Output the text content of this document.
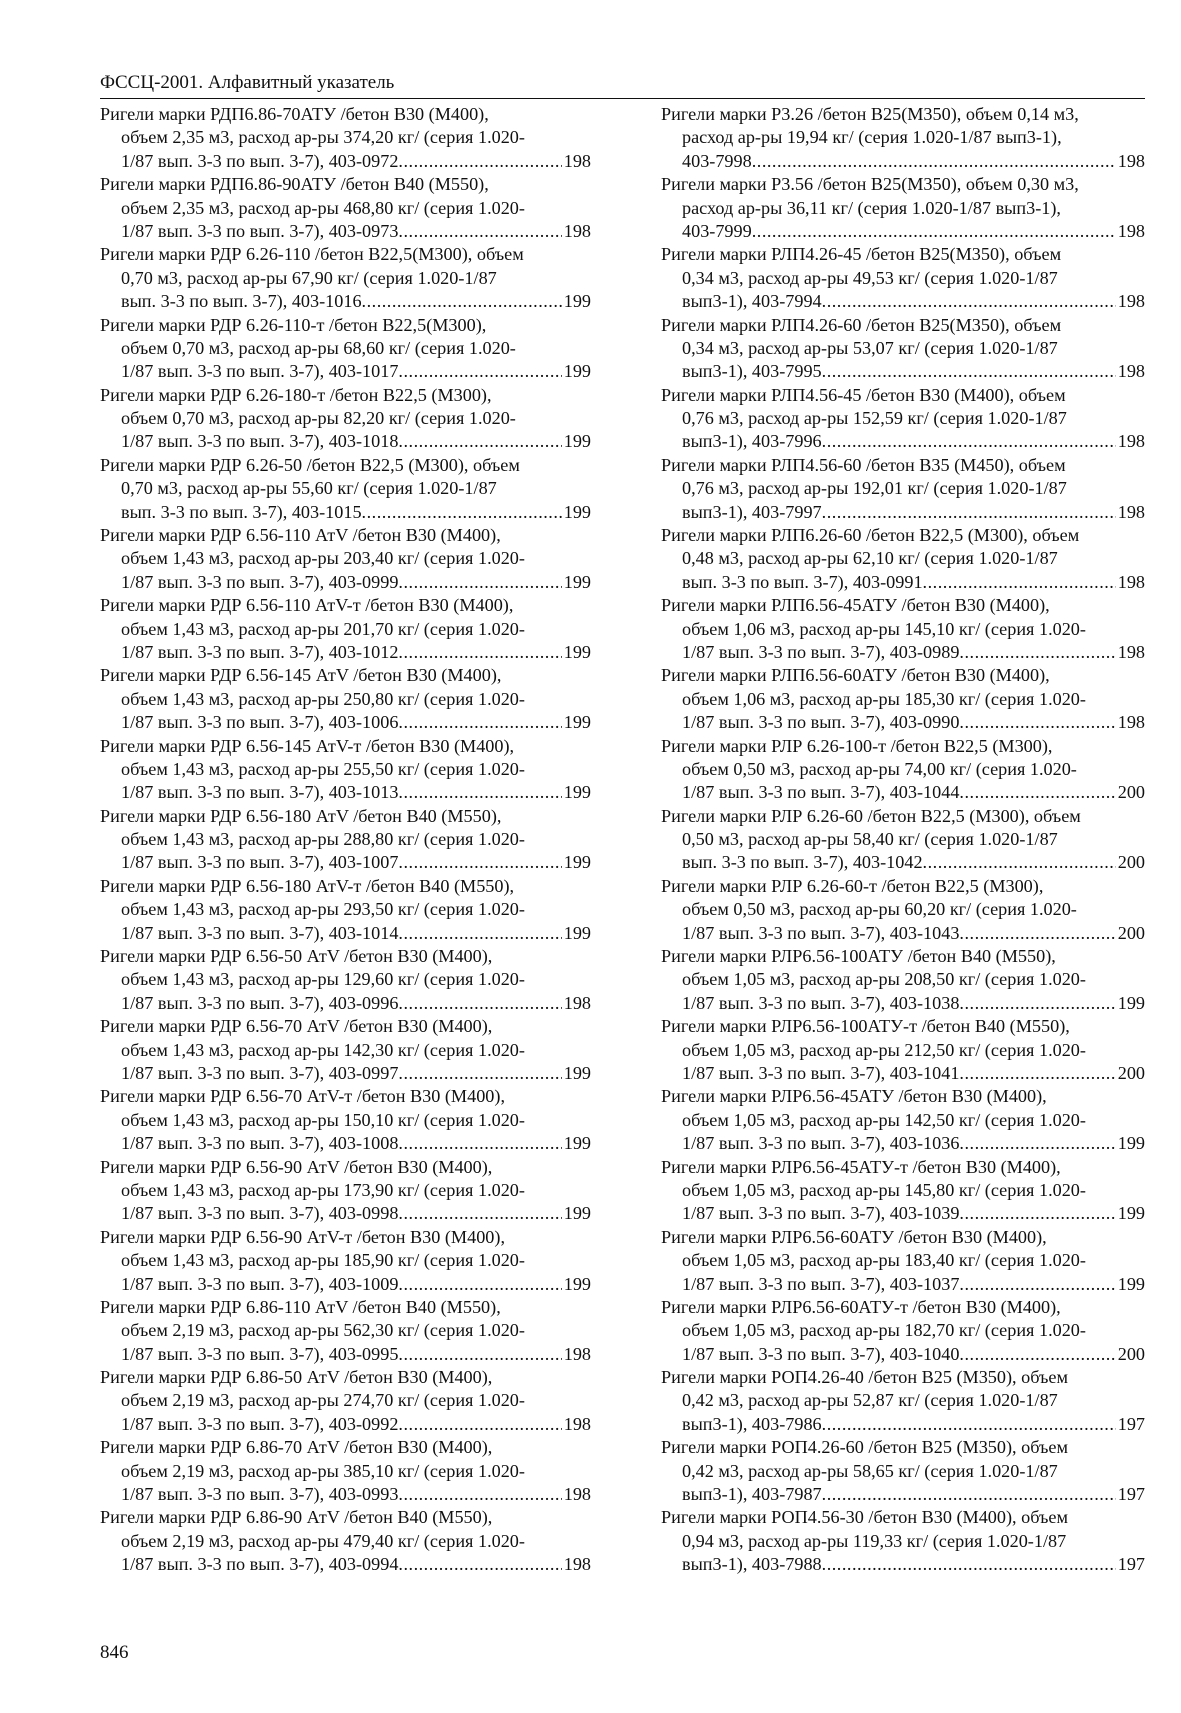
ФССЦ-2001. Алфавитный указатель
Ригели марки РДП6.86-70АТУ /бетон В30 (М400),
объем 2,35 м3, расход ар-ры 374,20 кг/ (серия 1.020-
1/87 вып. 3-3 по вып. 3-7), 403-0972 .....	198
Ригели марки РДП6.86-90АТУ /бетон В40 (М550),
объем 2,35 м3, расход ар-ры 468,80 кг/ (серия 1.020-
1/87 вып. 3-3 по вып. 3-7), 403-0973 .....	198
Ригели марки РДР 6.26-110 /бетон В22,5(М300), объем
0,70 м3, расход ар-ры 67,90 кг/ (серия 1.020-1/87
вып. 3-3 по вып. 3-7), 403-1016 .....	199
Ригели марки РДР 6.26-110-т /бетон В22,5(М300),
объем 0,70 м3, расход ар-ры 68,60 кг/ (серия 1.020-
1/87 вып. 3-3 по вып. 3-7), 403-1017 .....	199
Ригели марки РДР 6.26-180-т /бетон В22,5 (М300),
объем 0,70 м3, расход ар-ры 82,20 кг/ (серия 1.020-
1/87 вып. 3-3 по вып. 3-7), 403-1018 .....	199
Ригели марки РДР 6.26-50 /бетон В22,5 (М300), объем
0,70 м3, расход ар-ры 55,60 кг/ (серия 1.020-1/87
вып. 3-3 по вып. 3-7), 403-1015 .....	199
Ригели марки РДР 6.56-110 АтV /бетон В30 (М400),
объем 1,43 м3, расход ар-ры 203,40 кг/ (серия 1.020-
1/87 вып. 3-3 по вып. 3-7), 403-0999 .....	199
Ригели марки РДР 6.56-110 АтV-т /бетон В30 (М400),
объем 1,43 м3, расход ар-ры 201,70 кг/ (серия 1.020-
1/87 вып. 3-3 по вып. 3-7), 403-1012 .....	199
Ригели марки РДР 6.56-145 АтV /бетон В30 (М400),
объем 1,43 м3, расход ар-ры 250,80 кг/ (серия 1.020-
1/87 вып. 3-3 по вып. 3-7), 403-1006 .....	199
Ригели марки РДР 6.56-145 АтV-т /бетон В30 (М400),
объем 1,43 м3, расход ар-ры 255,50 кг/ (серия 1.020-
1/87 вып. 3-3 по вып. 3-7), 403-1013 .....	199
Ригели марки РДР 6.56-180 АтV /бетон В40 (М550),
объем 1,43 м3, расход ар-ры 288,80 кг/ (серия 1.020-
1/87 вып. 3-3 по вып. 3-7), 403-1007 .....	199
Ригели марки РДР 6.56-180 АтV-т /бетон В40 (М550),
объем 1,43 м3, расход ар-ры 293,50 кг/ (серия 1.020-
1/87 вып. 3-3 по вып. 3-7), 403-1014 .....	199
Ригели марки РДР 6.56-50 АтV /бетон В30 (М400),
объем 1,43 м3, расход ар-ры 129,60 кг/ (серия 1.020-
1/87 вып. 3-3 по вып. 3-7), 403-0996 .....	198
Ригели марки РДР 6.56-70 АтV /бетон В30 (М400),
объем 1,43 м3, расход ар-ры 142,30 кг/ (серия 1.020-
1/87 вып. 3-3 по вып. 3-7), 403-0997 .....	199
Ригели марки РДР 6.56-70 АтV-т /бетон В30 (М400),
объем 1,43 м3, расход ар-ры 150,10 кг/ (серия 1.020-
1/87 вып. 3-3 по вып. 3-7), 403-1008 .....	199
Ригели марки РДР 6.56-90 АтV /бетон В30 (М400),
объем 1,43 м3, расход ар-ры 173,90 кг/ (серия 1.020-
1/87 вып. 3-3 по вып. 3-7), 403-0998 .....	199
Ригели марки РДР 6.56-90 АтV-т /бетон В30 (М400),
объем 1,43 м3, расход ар-ры 185,90 кг/ (серия 1.020-
1/87 вып. 3-3 по вып. 3-7), 403-1009 .....	199
Ригели марки РДР 6.86-110 АтV /бетон В40 (М550),
объем 2,19 м3, расход ар-ры 562,30 кг/ (серия 1.020-
1/87 вып. 3-3 по вып. 3-7), 403-0995 .....	198
Ригели марки РДР 6.86-50 АтV /бетон В30 (М400),
объем 2,19 м3, расход ар-ры 274,70 кг/ (серия 1.020-
1/87 вып. 3-3 по вып. 3-7), 403-0992 .....	198
Ригели марки РДР 6.86-70 АтV /бетон В30 (М400),
объем 2,19 м3, расход ар-ры 385,10 кг/ (серия 1.020-
1/87 вып. 3-3 по вып. 3-7), 403-0993 .....	198
Ригели марки РДР 6.86-90 АтV /бетон В40 (М550),
объем 2,19 м3, расход ар-ры 479,40 кг/ (серия 1.020-
1/87 вып. 3-3 по вып. 3-7), 403-0994 .....	198
Ригели марки Р3.26 /бетон В25(М350), объем 0,14 м3,
расход ар-ры 19,94 кг/ (серия 1.020-1/87 вып3-1),
403-7998 .....	198
Ригели марки Р3.56 /бетон В25(М350), объем 0,30 м3,
расход ар-ры 36,11 кг/ (серия 1.020-1/87 вып3-1),
403-7999 .....	198
Ригели марки РЛП4.26-45 /бетон В25(М350), объем
0,34 м3, расход ар-ры 49,53 кг/ (серия 1.020-1/87
вып3-1), 403-7994 .....	198
Ригели марки РЛП4.26-60 /бетон В25(М350), объем
0,34 м3, расход ар-ры 53,07 кг/ (серия 1.020-1/87
вып3-1), 403-7995 .....	198
Ригели марки РЛП4.56-45 /бетон В30 (М400), объем
0,76 м3, расход ар-ры 152,59 кг/ (серия 1.020-1/87
вып3-1), 403-7996 .....	198
Ригели марки РЛП4.56-60 /бетон В35 (М450), объем
0,76 м3, расход ар-ры 192,01 кг/ (серия 1.020-1/87
вып3-1), 403-7997 .....	198
Ригели марки РЛП6.26-60 /бетон В22,5 (М300), объем
0,48 м3, расход ар-ры 62,10 кг/ (серия 1.020-1/87
вып. 3-3 по вып. 3-7), 403-0991 .....	198
Ригели марки РЛП6.56-45АТУ /бетон В30 (М400),
объем 1,06 м3, расход ар-ры 145,10 кг/ (серия 1.020-
1/87 вып. 3-3 по вып. 3-7), 403-0989 .....	198
Ригели марки РЛП6.56-60АТУ /бетон В30 (М400),
объем 1,06 м3, расход ар-ры 185,30 кг/ (серия 1.020-
1/87 вып. 3-3 по вып. 3-7), 403-0990 .....	198
Ригели марки РЛР 6.26-100-т /бетон В22,5 (М300),
объем 0,50 м3, расход ар-ры 74,00 кг/ (серия 1.020-
1/87 вып. 3-3 по вып. 3-7), 403-1044 .....	200
Ригели марки РЛР 6.26-60 /бетон В22,5 (М300), объем
0,50 м3, расход ар-ры 58,40 кг/ (серия 1.020-1/87
вып. 3-3 по вып. 3-7), 403-1042 .....	200
Ригели марки РЛР 6.26-60-т /бетон В22,5 (М300),
объем 0,50 м3, расход ар-ры 60,20 кг/ (серия 1.020-
1/87 вып. 3-3 по вып. 3-7), 403-1043 .....	200
Ригели марки РЛР6.56-100АТУ /бетон В40 (М550),
объем 1,05 м3, расход ар-ры 208,50 кг/ (серия 1.020-
1/87 вып. 3-3 по вып. 3-7), 403-1038 .....	199
Ригели марки РЛР6.56-100АТУ-т /бетон В40 (М550),
объем 1,05 м3, расход ар-ры 212,50 кг/ (серия 1.020-
1/87 вып. 3-3 по вып. 3-7), 403-1041 .....	200
Ригели марки РЛР6.56-45АТУ /бетон В30 (М400),
объем 1,05 м3, расход ар-ры 142,50 кг/ (серия 1.020-
1/87 вып. 3-3 по вып. 3-7), 403-1036 .....	199
Ригели марки РЛР6.56-45АТУ-т /бетон В30 (М400),
объем 1,05 м3, расход ар-ры 145,80 кг/ (серия 1.020-
1/87 вып. 3-3 по вып. 3-7), 403-1039 .....	199
Ригели марки РЛР6.56-60АТУ /бетон В30 (М400),
объем 1,05 м3, расход ар-ры 183,40 кг/ (серия 1.020-
1/87 вып. 3-3 по вып. 3-7), 403-1037 .....	199
Ригели марки РЛР6.56-60АТУ-т /бетон В30 (М400),
объем 1,05 м3, расход ар-ры 182,70 кг/ (серия 1.020-
1/87 вып. 3-3 по вып. 3-7), 403-1040 .....	200
Ригели марки РОП4.26-40 /бетон В25 (М350), объем
0,42 м3, расход ар-ры 52,87 кг/ (серия 1.020-1/87
вып3-1), 403-7986 .....	197
Ригели марки РОП4.26-60 /бетон В25 (М350), объем
0,42 м3, расход ар-ры 58,65 кг/ (серия 1.020-1/87
вып3-1), 403-7987 .....	197
Ригели марки РОП4.56-30 /бетон В30 (М400), объем
0,94 м3, расход ар-ры 119,33 кг/ (серия 1.020-1/87
вып3-1), 403-7988 .....	197
846
